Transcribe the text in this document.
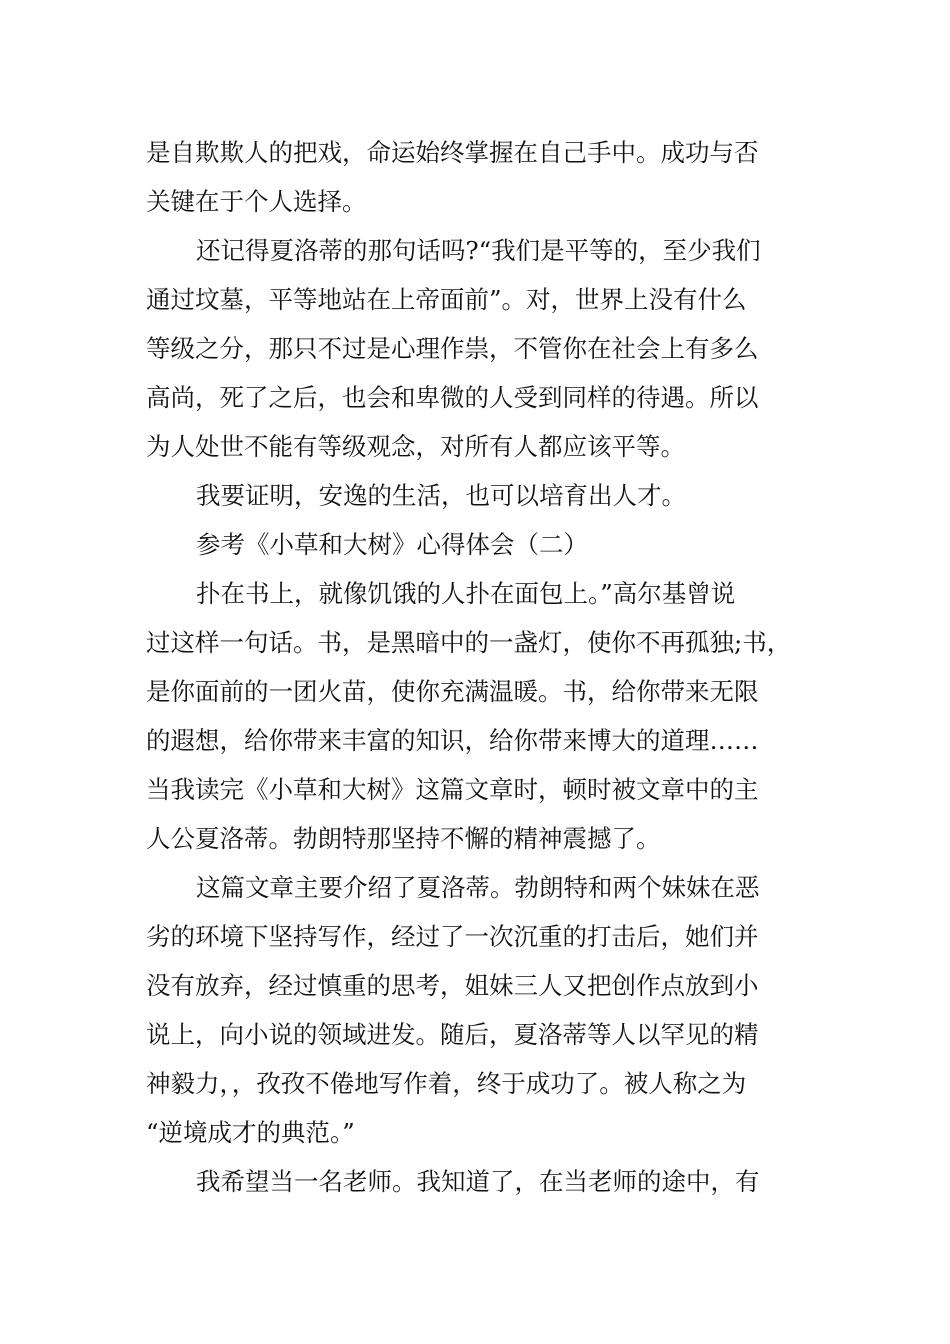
是自欺欺人的把戏，命运始终掌握在自己手中。成功与否
关键在于个人选择。
还记得夏洛蒂的那句话吗?“我们是平等的，至少我们
通过坟墓，平等地站在上帝面前”。对，世界上没有什么
等级之分，那只不过是心理作祟，不管你在社会上有多么
高尚，死了之后，也会和卑微的人受到同样的待遇。所以
为人处世不能有等级观念，对所有人都应该平等。
我要证明，安逸的生活，也可以培育出人才。
参考《小草和大树》心得体会（二）
扑在书上，就像饥饿的人扑在面包上。”高尔基曾说
过这样一句话。书，是黑暗中的一盏灯，使你不再孤独;书，
是你面前的一团火苗，使你充满温暖。书，给你带来无限
的遐想，给你带来丰富的知识，给你带来博大的道理……
当我读完《小草和大树》这篇文章时，顿时被文章中的主
人公夏洛蒂。勃朗特那坚持不懈的精神震撼了。
这篇文章主要介绍了夏洛蒂。勃朗特和两个妹妹在恶
劣的环境下坚持写作，经过了一次沉重的打击后，她们并
没有放弃，经过慎重的思考，姐妹三人又把创作点放到小
说上，向小说的领域进发。随后，夏洛蒂等人以罕见的精
神毅力，，孜孜不倦地写作着，终于成功了。被人称之为
“逆境成才的典范。”
我希望当一名老师。我知道了，在当老师的途中，有
